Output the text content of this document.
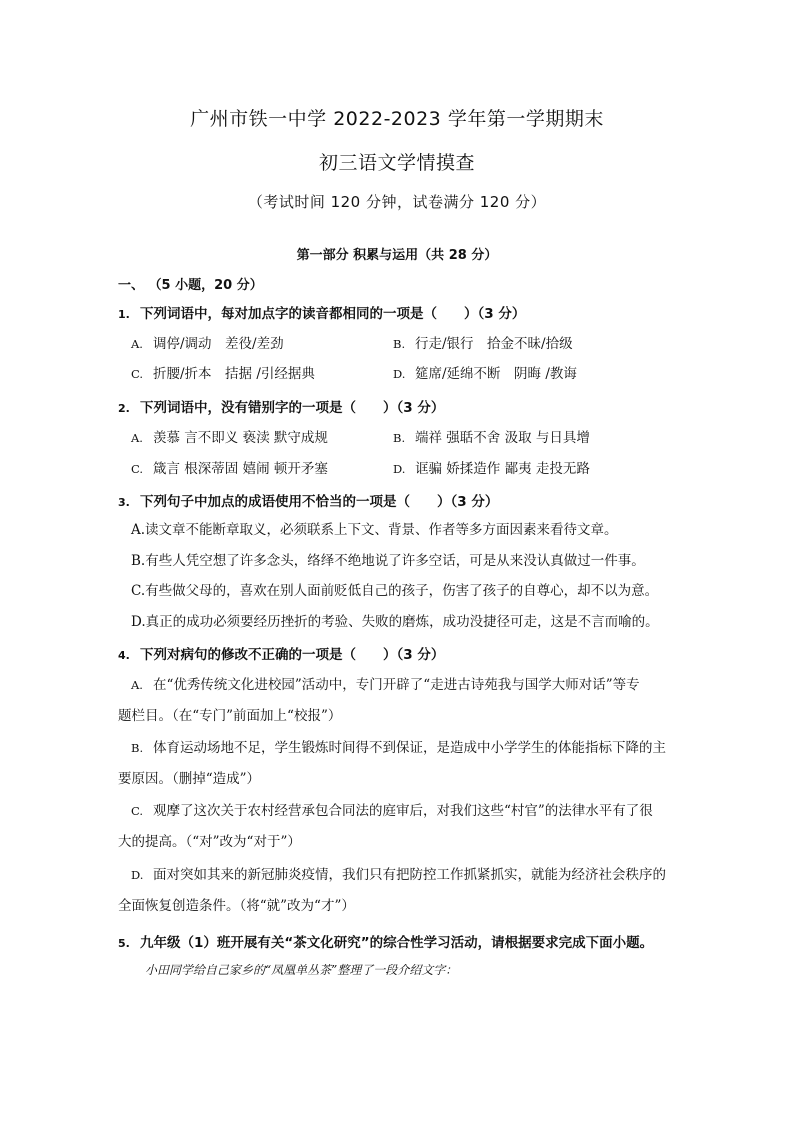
广州市铁一中学 2022-2023 学年第一学期期末
初三语文学情摸查
（考试时间 120 分钟，试卷满分 120 分）
第一部分 积累与运用（共 28 分）
一、 （5 小题，20 分）
1. 下列词语中，每对加点字的读音都相同的一项是（　　）（3 分）
A. 调停/调动　差役/差劲	B. 行走/银行　拾金不昧/拾级
C. 折腰/折本　拮据 /引经据典	D. 筵席/延绵不断　阴晦 /教诲
2. 下列词语中，没有错别字的一项是（　　）（3 分）
A. 羡慕 言不即义 亵渎 默守成规	B. 端祥 强聒不舍 汲取 与日具增
C. 箴言 根深蒂固 嬉闹 顿开矛塞	D. 诓骗 娇揉造作 鄙夷 走投无路
3. 下列句子中加点的成语使用不恰当的一项是（　　）（3 分）
A.读文章不能断章取义，必须联系上下文、背景、作者等多方面因素来看待文章。
B.有些人凭空想了许多念头，络绎不绝地说了许多空话，可是从来没认真做过一件事。
C.有些做父母的，喜欢在别人面前贬低自己的孩子，伤害了孩子的自尊心，却不以为意。
D.真正的成功必须要经历挫折的考验、失败的磨炼，成功没捷径可走，这是不言而喻的。
4. 下列对病句的修改不正确的一项是（　　）（3 分）
A. 在“优秀传统文化进校园”活动中，专门开辟了“走进古诗苑我与国学大师对话”等专
题栏目。（在“专门”前面加上“校报”）
B. 体育运动场地不足，学生锻炼时间得不到保证，是造成中小学学生的体能指标下降的主
要原因。（删掉“造成”）
C. 观摩了这次关于农村经营承包合同法的庭审后，对我们这些“村官”的法律水平有了很
大的提高。（“对”改为“对于”）
D. 面对突如其来的新冠肺炎疫情，我们只有把防控工作抓紧抓实，就能为经济社会秩序的
全面恢复创造条件。（将“就”改为“才”）
5. 九年级（1）班开展有关“茶文化研究”的综合性学习活动，请根据要求完成下面小题。
小田同学给自己家乡的“凤凰单丛茶”整理了一段介绍文字：
